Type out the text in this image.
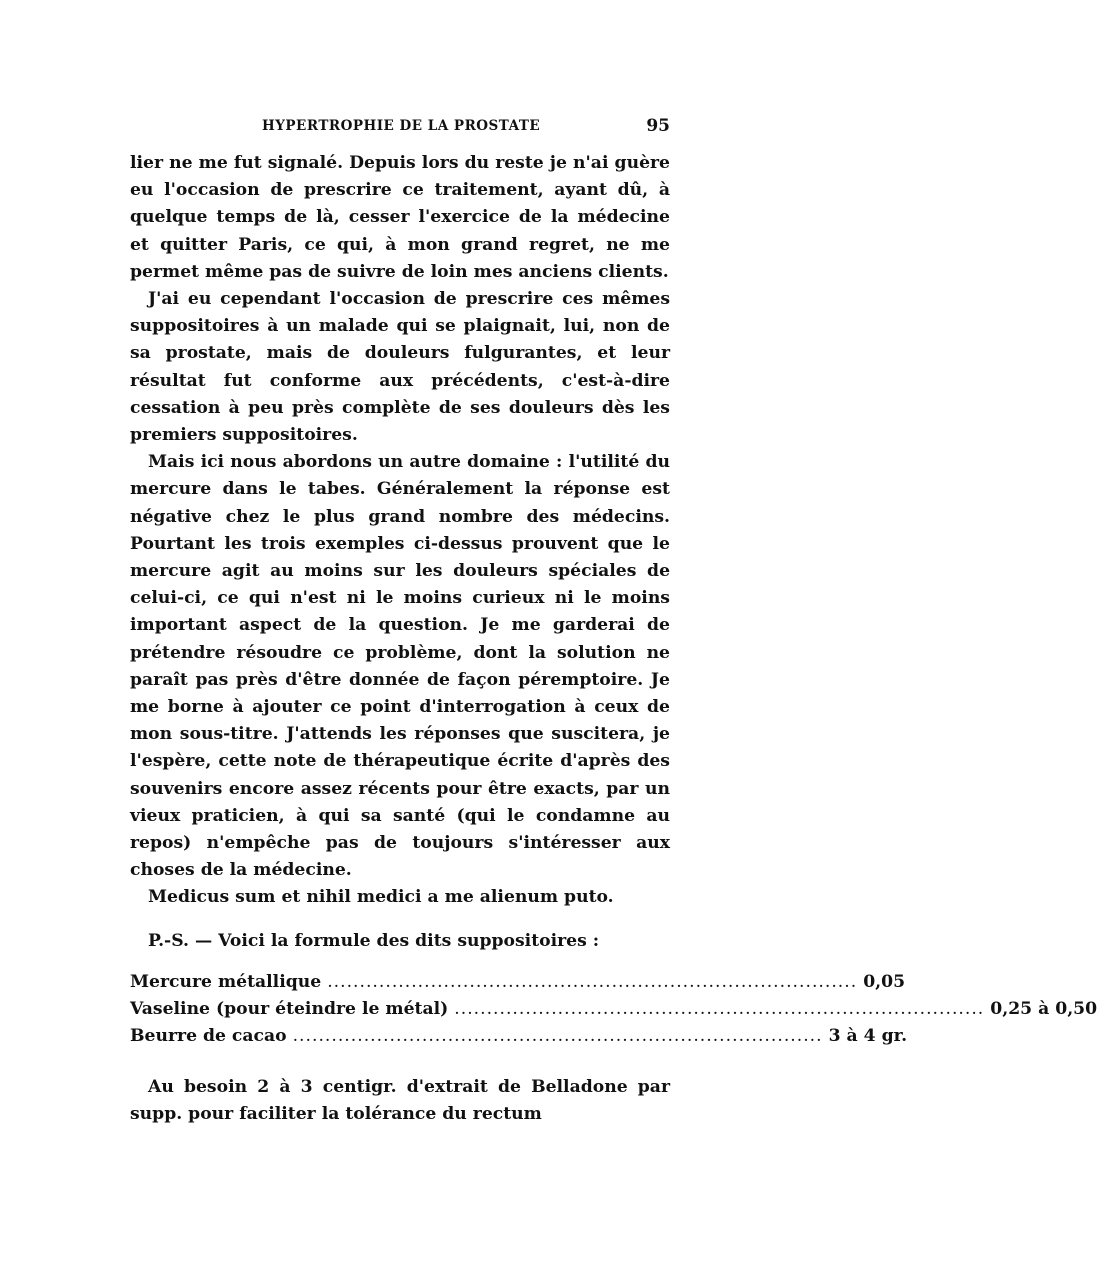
HYPERTROPHIE DE LA PROSTATE	95

lier ne me fut signalé. Depuis lors du reste je n'ai guère eu l'occasion de prescrire ce traitement, ayant dû, à quelque temps de là, cesser l'exercice de la médecine et quitter Paris, ce qui, à mon grand regret, ne me permet même pas de suivre de loin mes anciens clients.

J'ai eu cependant l'occasion de prescrire ces mêmes suppositoires à un malade qui se plaignait, lui, non de sa prostate, mais de douleurs fulgurantes, et leur résultat fut conforme aux précédents, c'est-à-dire cessation à peu près complète de ses douleurs dès les premiers suppositoires.

Mais ici nous abordons un autre domaine : l'utilité du mercure dans le tabes. Généralement la réponse est négative chez le plus grand nombre des médecins. Pourtant les trois exemples ci-dessus prouvent que le mercure agit au moins sur les douleurs spéciales de celui-ci, ce qui n'est ni le moins curieux ni le moins important aspect de la question. Je me garderai de prétendre résoudre ce problème, dont la solution ne paraît pas près d'être donnée de façon péremptoire. Je me borne à ajouter ce point d'interrogation à ceux de mon sous-titre. J'attends les réponses que suscitera, je l'espère, cette note de thérapeutique écrite d'après des souvenirs encore assez récents pour être exacts, par un vieux praticien, à qui sa santé (qui le condamne au repos) n'empêche pas de toujours s'intéresser aux choses de la médecine.

Medicus sum et nihil medici a me alienum puto.

P.-S. — Voici la formule des dits suppositoires :

Mercure métallique .................................................................................. 0,05
Vaseline (pour éteindre le métal) .................................................................................. 0,25 à 0,50
Beurre de cacao .................................................................................. 3 à 4 gr.

Au besoin 2 à 3 centigr. d'extrait de Belladone par supp. pour faciliter la tolérance du rectum
